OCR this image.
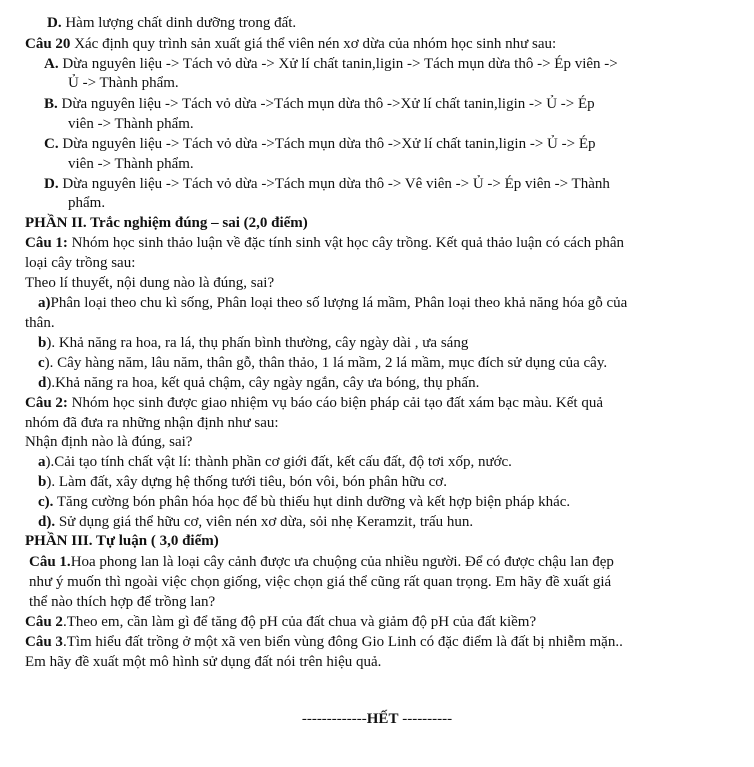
D. Hàm lượng chất dinh dưỡng trong đất.
Câu 20 Xác định quy trình sản xuất giá thể viên nén xơ dừa của nhóm học sinh như sau:
A. Dừa nguyên liệu -> Tách vỏ dừa -> Xử lí chất tanin,ligin -> Tách mụn dừa thô -> Ép viên ->
Ủ -> Thành phẩm.
B. Dừa nguyên liệu -> Tách vỏ dừa ->Tách mụn dừa thô ->Xử lí chất tanin,ligin -> Ủ -> Ép
viên -> Thành phẩm.
C. Dừa nguyên liệu -> Tách vỏ dừa ->Tách mụn dừa thô ->Xử lí chất tanin,ligin -> Ủ -> Ép
viên -> Thành phẩm.
D. Dừa nguyên liệu -> Tách vỏ dừa ->Tách mụn dừa thô -> Vê viên -> Ủ -> Ép viên -> Thành
phẩm.
PHẦN II. Trắc nghiệm đúng – sai (2,0 điểm)
Câu 1: Nhóm học sinh thảo luận về đặc tính sinh vật học cây trồng. Kết quả thảo luận có cách phân
loại cây trồng sau:
Theo lí thuyết, nội dung nào là đúng, sai?
a)Phân loại theo chu kì sống, Phân loại theo số lượng lá mầm, Phân loại theo khả năng hóa gỗ của
thân.
b). Khả năng ra hoa, ra lá, thụ phấn bình thường, cây ngày dài , ưa sáng
c). Cây hàng năm, lâu năm, thân gỗ, thân thảo, 1 lá mầm, 2 lá mầm, mục đích sử dụng của cây.
d).Khả năng ra hoa, kết quả chậm, cây ngày ngắn, cây ưa bóng, thụ phấn.
Câu 2: Nhóm học sinh được giao nhiệm vụ báo cáo biện pháp cải tạo đất xám bạc màu. Kết quả
nhóm đã đưa ra những nhận định như sau:
Nhận định nào là đúng, sai?
a).Cải tạo tính chất vật lí: thành phần cơ giới đất, kết cấu đất, độ tơi xốp, nước.
b). Làm đất, xây dựng hệ thống tưới tiêu, bón vôi, bón phân hữu cơ.
c). Tăng cường bón phân hóa học để bù thiếu hụt dinh dưỡng và kết hợp biện pháp khác.
d). Sử dụng giá thể hữu cơ, viên nén xơ dừa, sỏi nhẹ Keramzit, trấu hun.
PHẦN III. Tự luận ( 3,0 điểm)
Câu 1.Hoa phong lan là loại cây cảnh được ưa chuộng của nhiều người. Để có được chậu lan đẹp
như ý muốn thì ngoài việc chọn giống, việc chọn giá thể cũng rất quan trọng. Em hãy đề xuất giá
thể nào thích hợp để trồng lan?
Câu 2.Theo em, cần làm gì để tăng độ pH của đất chua và giảm độ pH của đất kiềm?
Câu 3.Tìm hiểu đất trồng ở một xã ven biển vùng đông Gio Linh có đặc điểm là đất bị nhiễm mặn..
Em hãy đề xuất một mô hình sử dụng đất nói trên hiệu quả.
-------------HẾT ----------
